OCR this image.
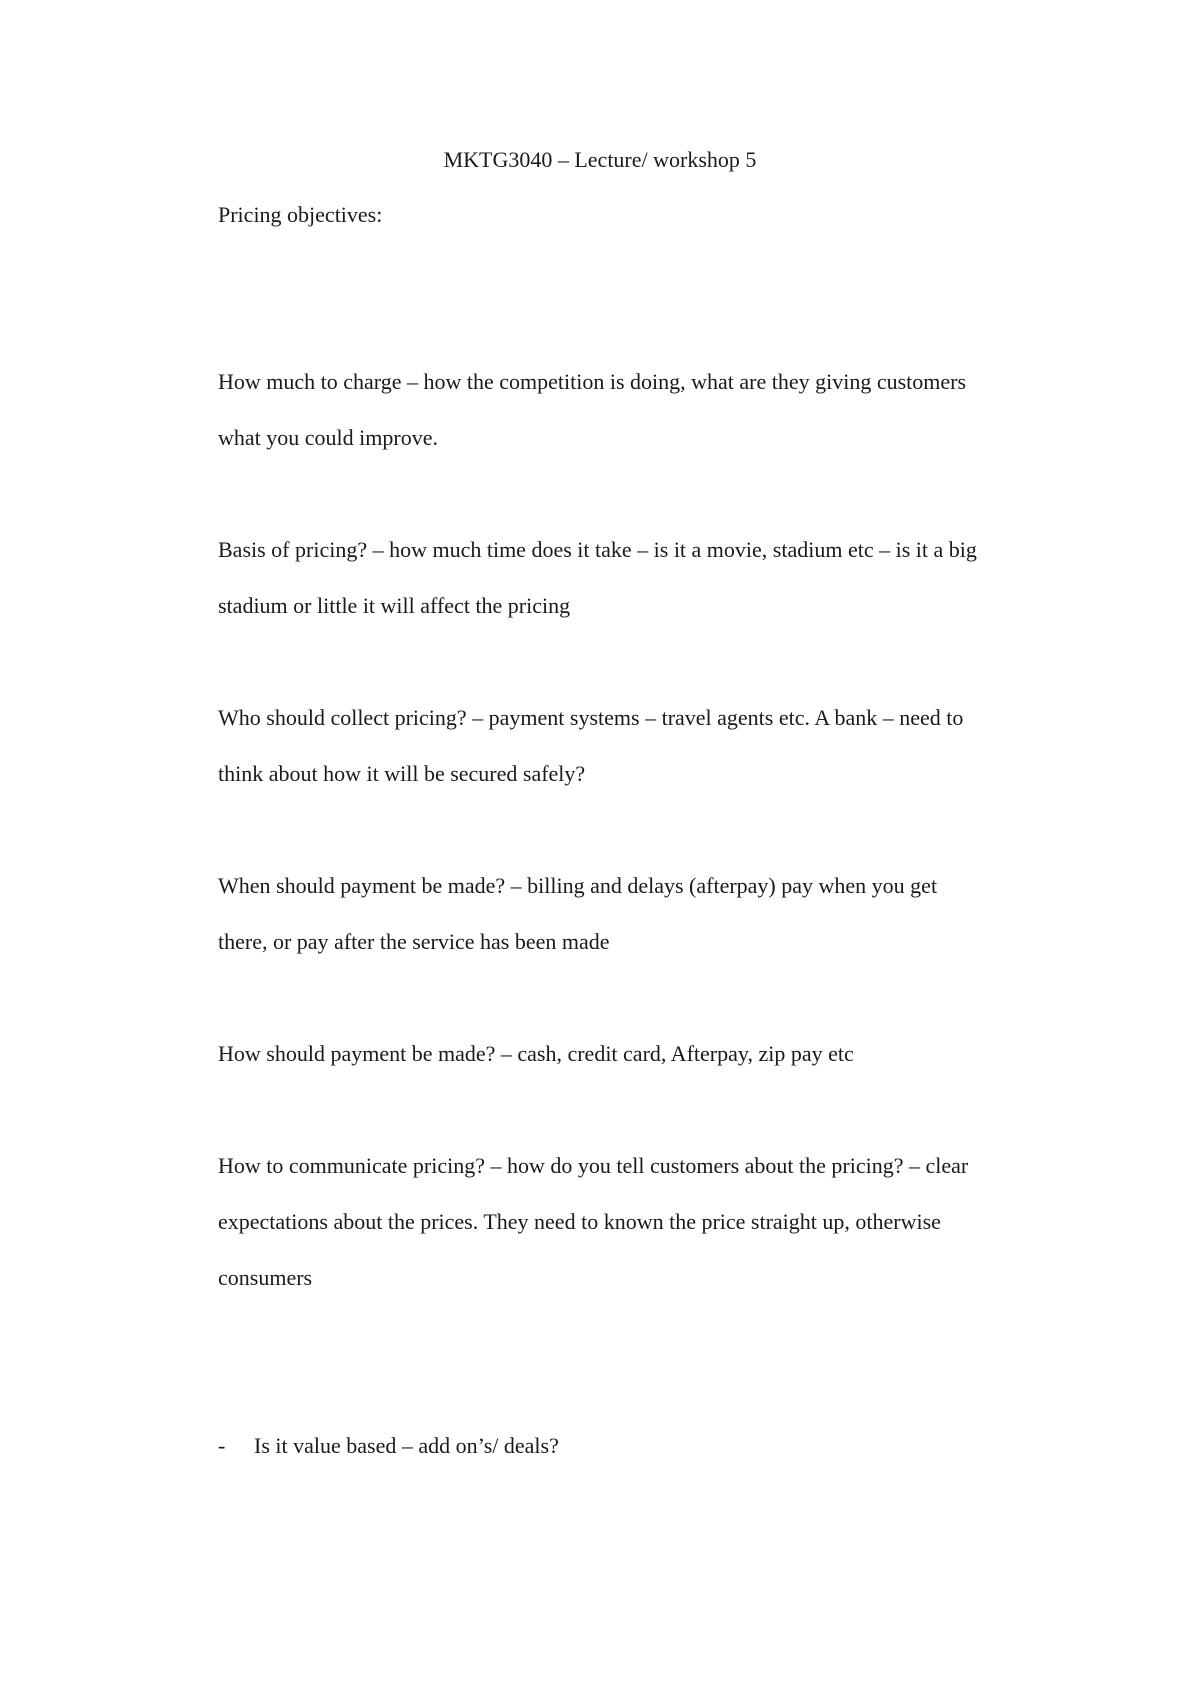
MKTG3040 – Lecture/ workshop 5
Pricing objectives:
How much to charge – how the competition is doing, what are they giving customers
what you could improve.
Basis of pricing? – how much time does it take – is it a movie, stadium etc – is it a big
stadium or little it will affect the pricing
Who should collect pricing? – payment systems – travel agents etc. A bank – need to
think about how it will be secured safely?
When should payment be made? – billing and delays (afterpay) pay when you get
there, or pay after the service has been made
How should payment be made? – cash, credit card, Afterpay, zip pay etc
How to communicate pricing? – how do you tell customers about the pricing? – clear
expectations about the prices. They need to known the price straight up, otherwise
consumers
- Is it value based – add on’s/ deals?
